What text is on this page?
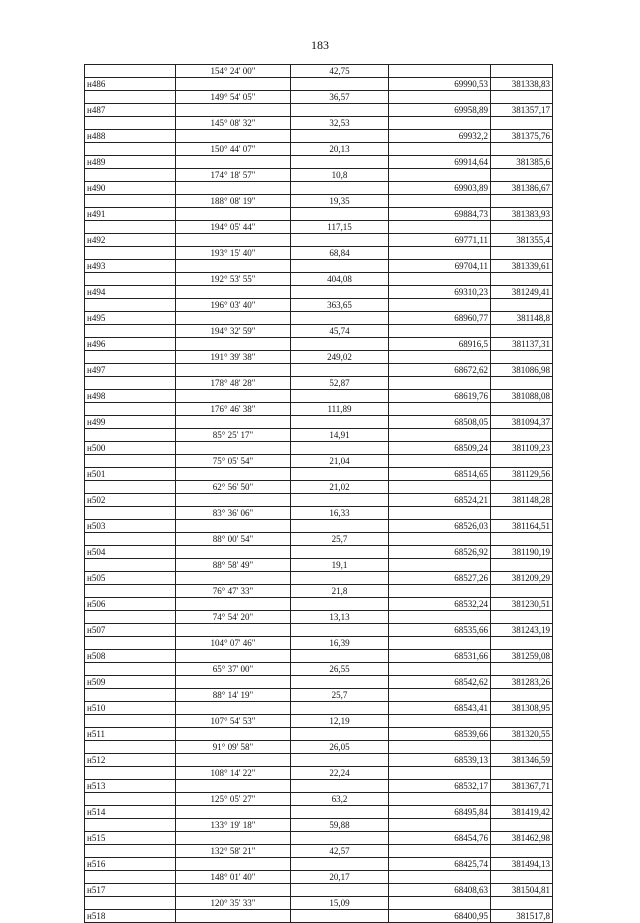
183
	154° 24' 00"	42,75		
н486			69990,53	381338,83
	149° 54' 05"	36,57		
н487			69958,89	381357,17
	145° 08' 32"	32,53		
н488			69932,2	381375,76
	150° 44' 07"	20,13		
н489			69914,64	381385,6
	174° 18' 57"	10,8		
н490			69903,89	381386,67
	188° 08' 19"	19,35		
н491			69884,73	381383,93
	194° 05' 44"	117,15		
н492			69771,11	381355,4
	193° 15' 40"	68,84		
н493			69704,11	381339,61
	192° 53' 55"	404,08		
н494			69310,23	381249,41
	196° 03' 40"	363,65		
н495			68960,77	381148,8
	194° 32' 59"	45,74		
н496			68916,5	381137,31
	191° 39' 38"	249,02		
н497			68672,62	381086,98
	178° 48' 28"	52,87		
н498			68619,76	381088,08
	176° 46' 38"	111,89		
н499			68508,05	381094,37
	85° 25' 17"	14,91		
н500			68509,24	381109,23
	75° 05' 54"	21,04		
н501			68514,65	381129,56
	62° 56' 50"	21,02		
н502			68524,21	381148,28
	83° 36' 06"	16,33		
н503			68526,03	381164,51
	88° 00' 54"	25,7		
н504			68526,92	381190,19
	88° 58' 49"	19,1		
н505			68527,26	381209,29
	76° 47' 33"	21,8		
н506			68532,24	381230,51
	74° 54' 20"	13,13		
н507			68535,66	381243,19
	104° 07' 46"	16,39		
н508			68531,66	381259,08
	65° 37' 00"	26,55		
н509			68542,62	381283,26
	88° 14' 19"	25,7		
н510			68543,41	381308,95
	107° 54' 53"	12,19		
н511			68539,66	381320,55
	91° 09' 58"	26,05		
н512			68539,13	381346,59
	108° 14' 22"	22,24		
н513			68532,17	381367,71
	125° 05' 27"	63,2		
н514			68495,84	381419,42
	133° 19' 18"	59,88		
н515			68454,76	381462,98
	132° 58' 21"	42,57		
н516			68425,74	381494,13
	148° 01' 40"	20,17		
н517			68408,63	381504,81
	120° 35' 33"	15,09		
н518			68400,95	381517,8
